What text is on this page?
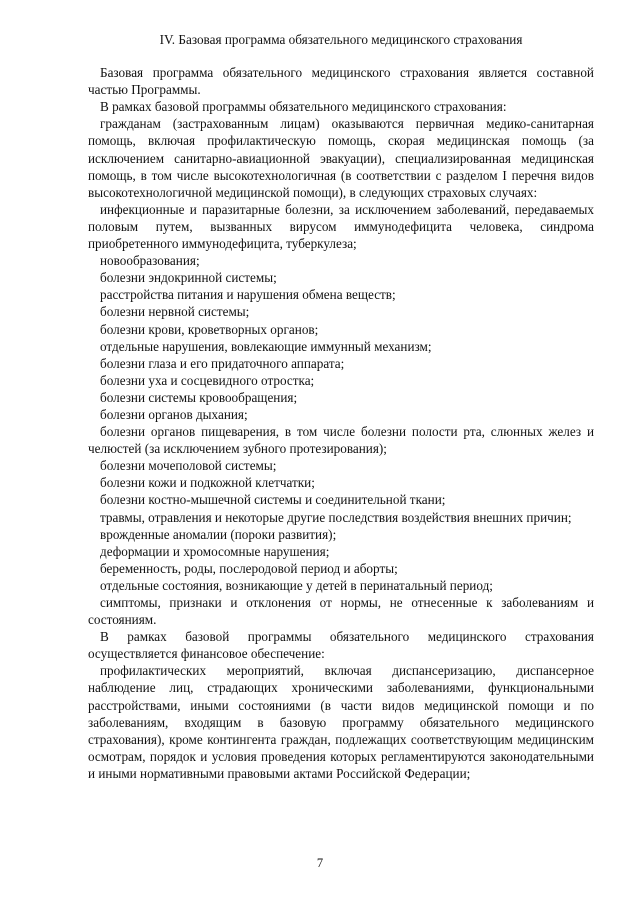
IV. Базовая программа обязательного медицинского страхования

Базовая программа обязательного медицинского страхования является составной частью Программы.

В рамках базовой программы обязательного медицинского страхования:

гражданам (застрахованным лицам) оказываются первичная медико-санитарная помощь, включая профилактическую помощь, скорая медицинская помощь (за исключением санитарно-авиационной эвакуации), специализированная медицинская помощь, в том числе высокотехнологичная (в соответствии с разделом I перечня видов высокотехнологичной медицинской помощи), в следующих страховых случаях:

инфекционные и паразитарные болезни, за исключением заболеваний, передаваемых половым путем, вызванных вирусом иммунодефицита человека, синдрома приобретенного иммунодефицита, туберкулеза;

новообразования;

болезни эндокринной системы;

расстройства питания и нарушения обмена веществ;

болезни нервной системы;

болезни крови, кроветворных органов;

отдельные нарушения, вовлекающие иммунный механизм;

болезни глаза и его придаточного аппарата;

болезни уха и сосцевидного отростка;

болезни системы кровообращения;

болезни органов дыхания;

болезни органов пищеварения, в том числе болезни полости рта, слюнных желез и челюстей (за исключением зубного протезирования);

болезни мочеполовой системы;

болезни кожи и подкожной клетчатки;

болезни костно-мышечной системы и соединительной ткани;

травмы, отравления и некоторые другие последствия воздействия внешних причин;

врожденные аномалии (пороки развития);

деформации и хромосомные нарушения;

беременность, роды, послеродовой период и аборты;

отдельные состояния, возникающие у детей в перинатальный период;

симптомы, признаки и отклонения от нормы, не отнесенные к заболеваниям и состояниям.

В рамках базовой программы обязательного медицинского страхования осуществляется финансовое обеспечение:

профилактических мероприятий, включая диспансеризацию, диспансерное наблюдение лиц, страдающих хроническими заболеваниями, функциональными расстройствами, иными состояниями (в части видов медицинской помощи и по заболеваниям, входящим в базовую программу обязательного медицинского страхования), кроме контингента граждан, подлежащих соответствующим медицинским осмотрам, порядок и условия проведения которых регламентируются законодательными и иными нормативными правовыми актами Российской Федерации;

7
